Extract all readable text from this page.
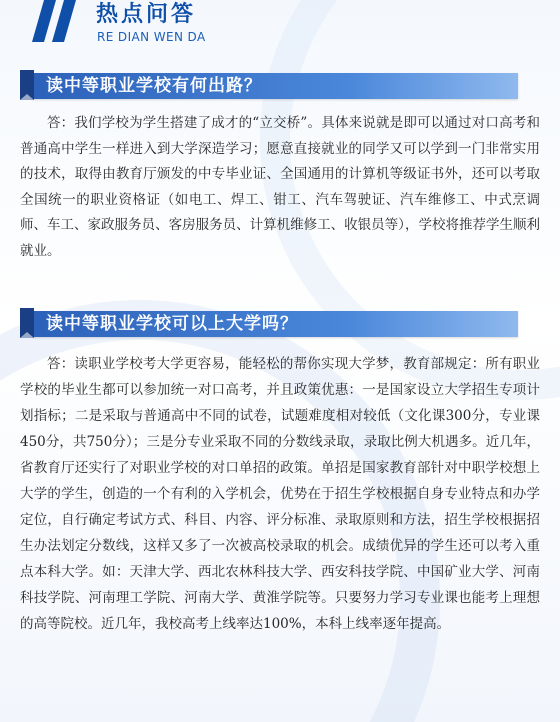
热点问答
RE DIAN WEN DA
读中等职业学校有何出路？

答：我们学校为学生搭建了成才的“立交桥”。具体来说就是即可以通过对口高考和普通高中学生一样进入到大学深造学习；愿意直接就业的同学又可以学到一门非常实用的技术，取得由教育厅颁发的中专毕业证、全国通用的计算机等级证书外，还可以考取全国统一的职业资格证（如电工、焊工、钳工、汽车驾驶证、汽车维修工、中式烹调师、车工、家政服务员、客房服务员、计算机维修工、收银员等），学校将推荐学生顺利就业。

读中等职业学校可以上大学吗？

答：读职业学校考大学更容易，能轻松的帮你实现大学梦，教育部规定：所有职业学校的毕业生都可以参加统一对口高考，并且政策优惠：一是国家设立大学招生专项计划指标；二是采取与普通高中不同的试卷，试题难度相对较低（文化课300分，专业课450分，共750分）；三是分专业采取不同的分数线录取，录取比例大机遇多。近几年，省教育厅还实行了对职业学校的对口单招的政策。单招是国家教育部针对中职学校想上大学的学生，创造的一个有利的入学机会，优势在于招生学校根据自身专业特点和办学定位，自行确定考试方式、科目、内容、评分标准、录取原则和方法，招生学校根据招生办法划定分数线，这样又多了一次被高校录取的机会。成绩优异的学生还可以考入重点本科大学。如：天津大学、西北农林科技大学、西安科技学院、中国矿业大学、河南科技学院、河南理工学院、河南大学、黄淮学院等。只要努力学习专业课也能考上理想的高等院校。近几年，我校高考上线率达100%，本科上线率逐年提高。
